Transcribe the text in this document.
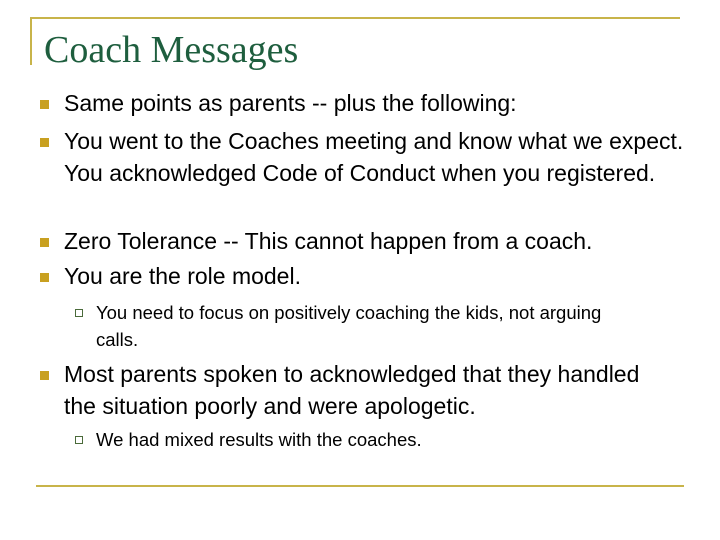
Coach Messages
Same points as parents -- plus the following:
You went to the Coaches meeting and know what we expect. You acknowledged Code of Conduct when you registered.
Zero Tolerance -- This cannot happen from a coach.
You are the role model.
You need to focus on positively coaching the kids, not arguing calls.
Most parents spoken to acknowledged that they handled the situation poorly and were apologetic.
We had mixed results with the coaches.
